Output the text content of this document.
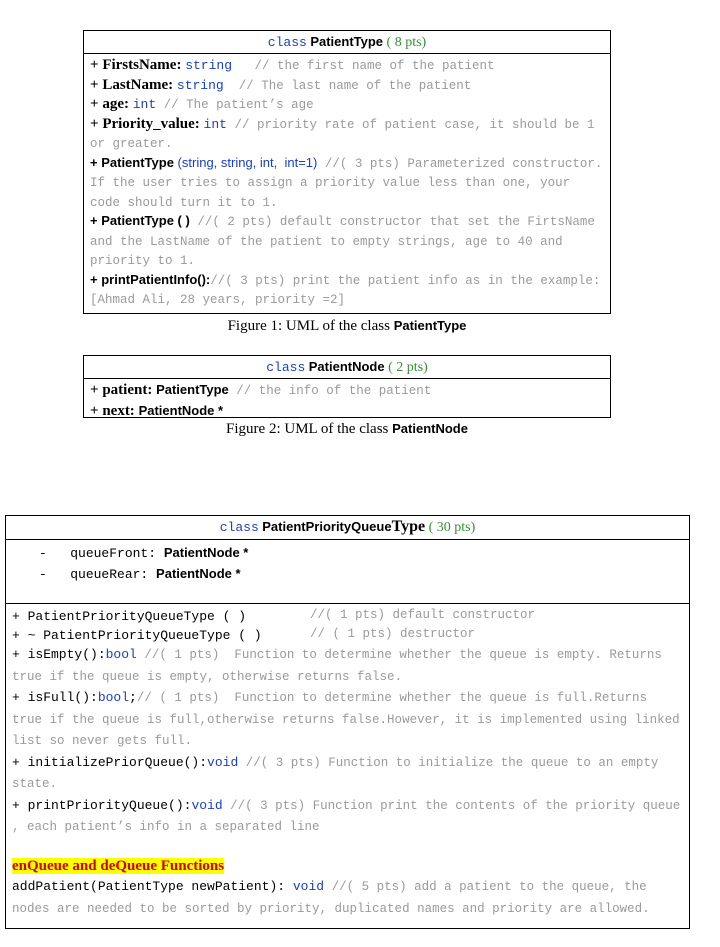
class PatientType ( 8 pts)
+ FirstsName: string   // the first name of the patient
+ LastName: string  // The last name of the patient
+ age: int // The patient’s age
+ Priority_value: int // priority rate of patient case, it should be 1 or greater.
+ PatientType (string, string, int,  int=1) //( 3 pts) Parameterized constructor. If the user tries to assign a priority value less than one, your code should turn it to 1.
+ PatientType ( ) //( 2 pts) default constructor that set the FirtsName  and the LastName of the patient to empty strings, age to 40 and  priority to 1.
+ printPatientInfo()://( 3 pts) print the patient info as in the example: [Ahmad Ali, 28 years, priority =2]
Figure 1: UML of the class PatientType
class PatientNode ( 2 pts)
+ patient: PatientType // the info of the patient
+ next: PatientNode *
Figure 2: UML of the class PatientNode
class PatientPriorityQueueType ( 30 pts)
- queueFront: PatientNode *
- queueRear: PatientNode *
+ PatientPriorityQueueType ( )	//( 1 pts) default constructor
+ ~ PatientPriorityQueueType ( )	// ( 1 pts) destructor
+ isEmpty():bool //( 1 pts)  Function to determine whether the queue is empty. Returns true if the queue is empty, otherwise returns false.
+ isFull():bool;// ( 1 pts)  Function to determine whether the queue is full.Returns true if the queue is full,otherwise returns false.However, it is implemented using linked list so never gets full.
+ initializePriorQueue():void //( 3 pts) Function to initialize the queue to an empty state.
+ printPriorityQueue():void //( 3 pts) Function print the contents of the priority queue , each patient’s info in a separated line
enQueue and deQueue Functions
addPatient(PatientType newPatient): void //( 5 pts) add a patient to the queue, the nodes are needed to be sorted by priority, duplicated names and priority are allowed.
